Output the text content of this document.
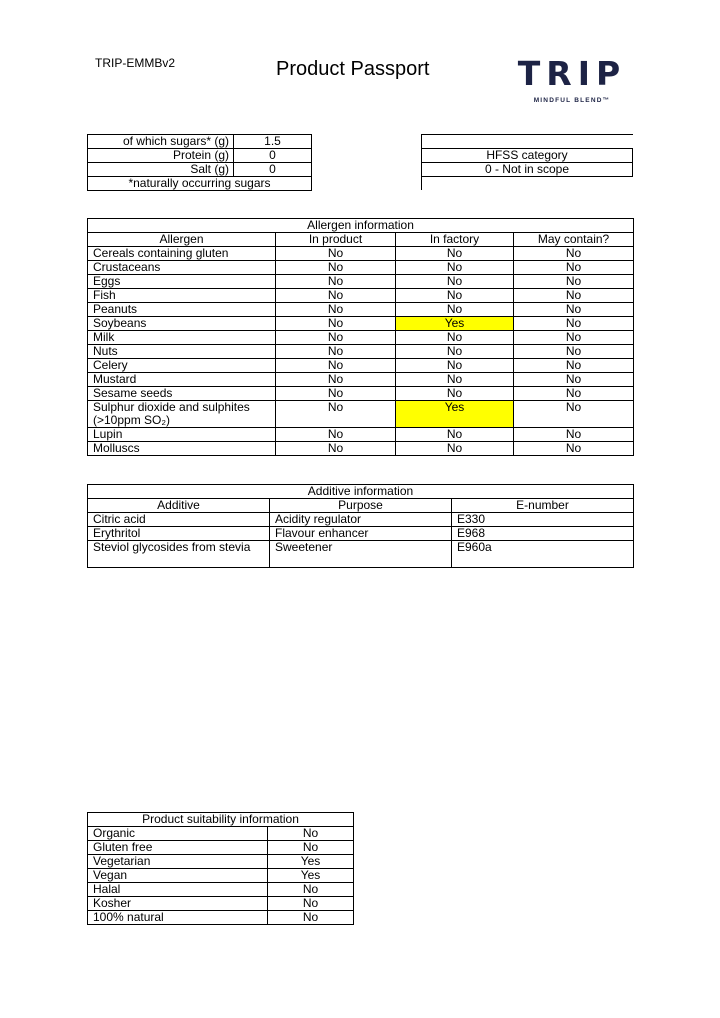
TRIP-EMMBv2	Product Passport	TRIP
MINDFUL BLEND™
of which sugars* (g)	1.5
Protein (g)	0
Salt (g)	0
*naturally occurring sugars	

HFSS category
0 - Not in scope

Allergen information			
Allergen	In product	In factory	May contain?
Cereals containing gluten	No	No	No
Crustaceans	No	No	No
Eggs	No	No	No
Fish	No	No	No
Peanuts	No	No	No
Soybeans	No	Yes	No
Milk	No	No	No
Nuts	No	No	No
Celery	No	No	No
Mustard	No	No	No
Sesame seeds	No	No	No
Sulphur dioxide and sulphites (>10ppm SO₂)	No	Yes	No
Lupin	No	No	No
Molluscs	No	No	No
Additive information		
Additive	Purpose	E-number
Citric acid	Acidity regulator	E330
Erythritol	Flavour enhancer	E968
Steviol glycosides from stevia	Sweetener	E960a
Product suitability information	
Organic	No
Gluten free	No
Vegetarian	Yes
Vegan	Yes
Halal	No
Kosher	No
100% natural	No
